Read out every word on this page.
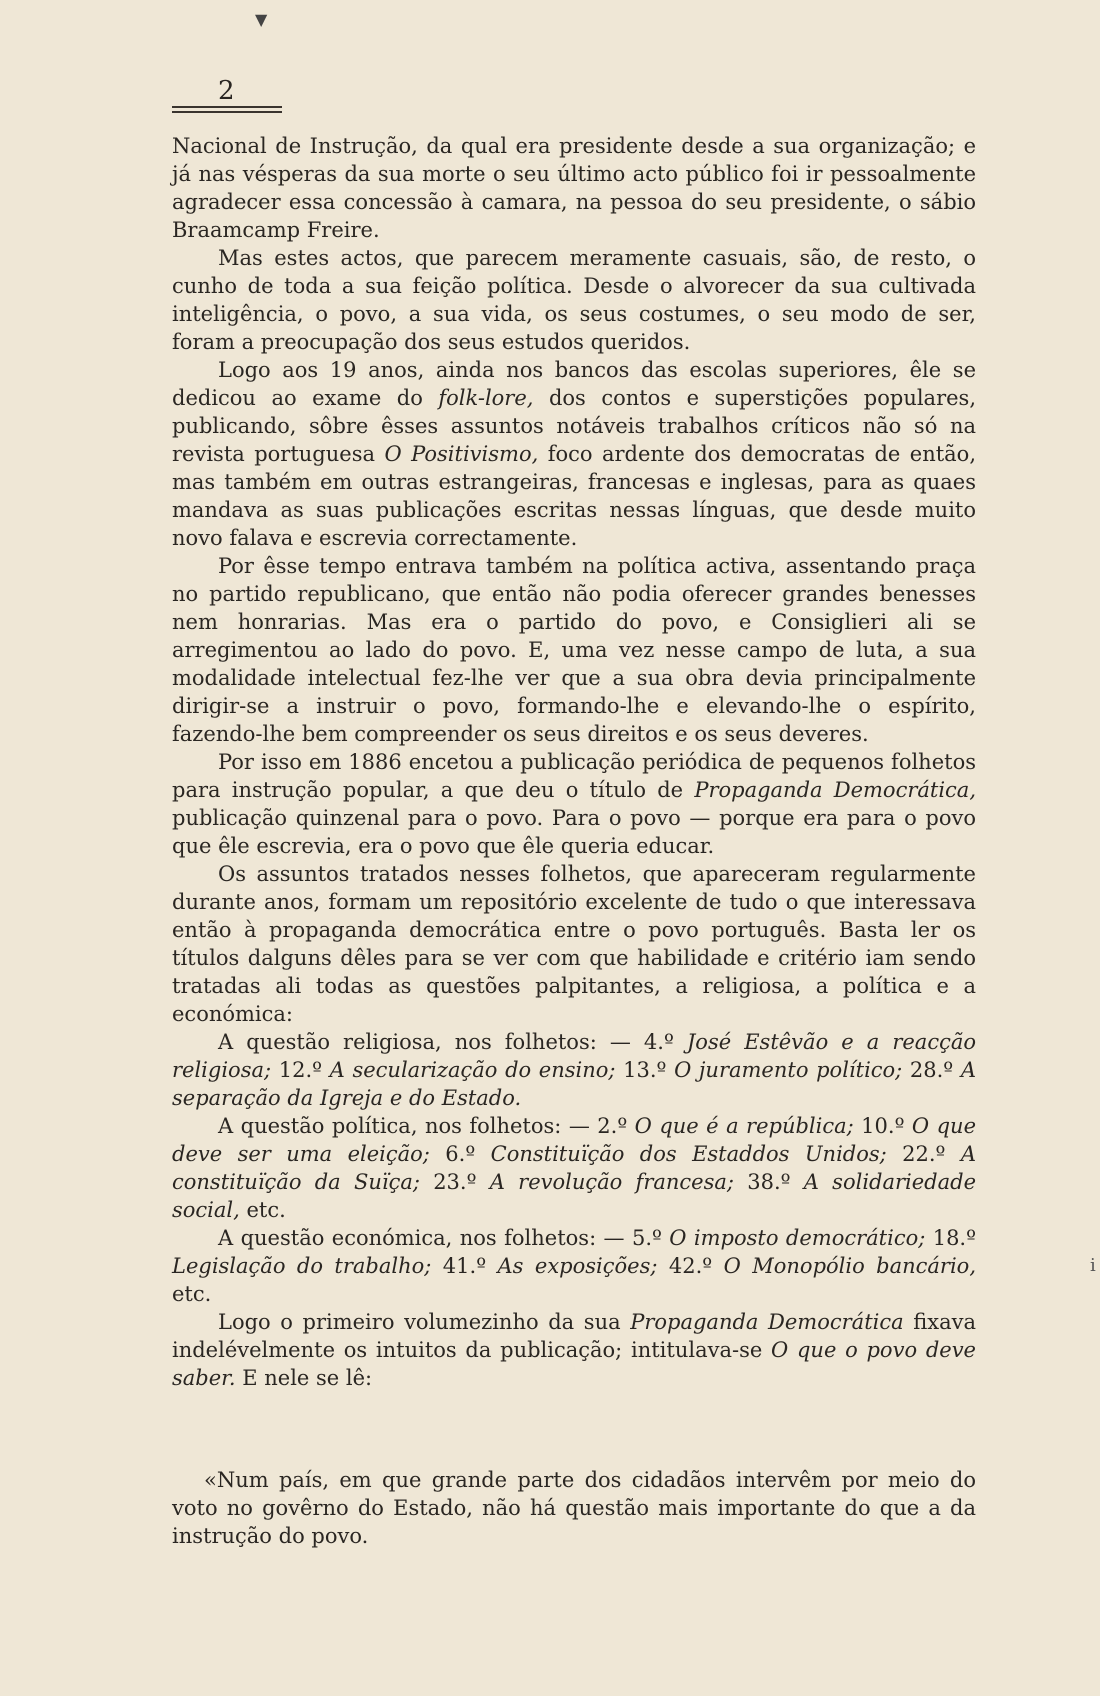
▼
2

Nacional de Instrução, da qual era presidente desde a sua organização; e já nas vésperas da sua morte o seu último acto público foi ir pessoalmente agradecer essa concessão à camara, na pessoa do seu presidente, o sábio Braamcamp Freire.

Mas estes actos, que parecem meramente casuais, são, de resto, o cunho de toda a sua feição política. Desde o alvorecer da sua cultivada inteligência, o povo, a sua vida, os seus costumes, o seu modo de ser, foram a preocupação dos seus estudos queridos.

Logo aos 19 anos, ainda nos bancos das escolas superiores, êle se dedicou ao exame do folk-lore, dos contos e superstições populares, publicando, sôbre êsses assuntos notáveis trabalhos críticos não só na revista portuguesa O Positivismo, foco ardente dos democratas de então, mas também em outras estrangeiras, francesas e inglesas, para as quaes mandava as suas publicações escritas nessas línguas, que desde muito novo falava e escrevia correctamente.

Por êsse tempo entrava também na política activa, assentando praça no partido republicano, que então não podia oferecer grandes benesses nem honrarias. Mas era o partido do povo, e Consiglieri ali se arregimentou ao lado do povo. E, uma vez nesse campo de luta, a sua modalidade intelectual fez-lhe ver que a sua obra devia principalmente dirigir-se a instruir o povo, formando-lhe e elevando-lhe o espírito, fazendo-lhe bem compreender os seus direitos e os seus deveres.

Por isso em 1886 encetou a publicação periódica de pequenos folhetos para instrução popular, a que deu o título de Propaganda Democrática, publicação quinzenal para o povo. Para o povo — porque era para o povo que êle escrevia, era o povo que êle queria educar.

Os assuntos tratados nesses folhetos, que apareceram regularmente durante anos, formam um repositório excelente de tudo o que interessava então à propaganda democrática entre o povo português. Basta ler os títulos dalguns dêles para se ver com que habilidade e critério iam sendo tratadas ali todas as questões palpitantes, a religiosa, a política e a económica:

A questão religiosa, nos folhetos: — 4.º José Estêvão e a reacção religiosa; 12.º A secularização do ensino; 13.º O juramento político; 28.º A separação da Igreja e do Estado.

A questão política, nos folhetos: — 2.º O que é a república; 10.º O que deve ser uma eleição; 6.º Constituïção dos Estaddos Unidos; 22.º A constituïção da Suïça; 23.º A revolução francesa; 38.º A solidariedade social, etc.

A questão económica, nos folhetos: — 5.º O imposto democrático; 18.º Legislação do trabalho; 41.º As exposições; 42.º O Monopólio bancário, etc.

Logo o primeiro volumezinho da sua Propaganda Democrática fixava indelévelmente os intuitos da publicação; intitulava-se O que o povo deve saber. E nele se lê:

«Num país, em que grande parte dos cidadãos intervêm por meio do voto no govêrno do Estado, não há questão mais importante do que a da instrução do povo.

i
